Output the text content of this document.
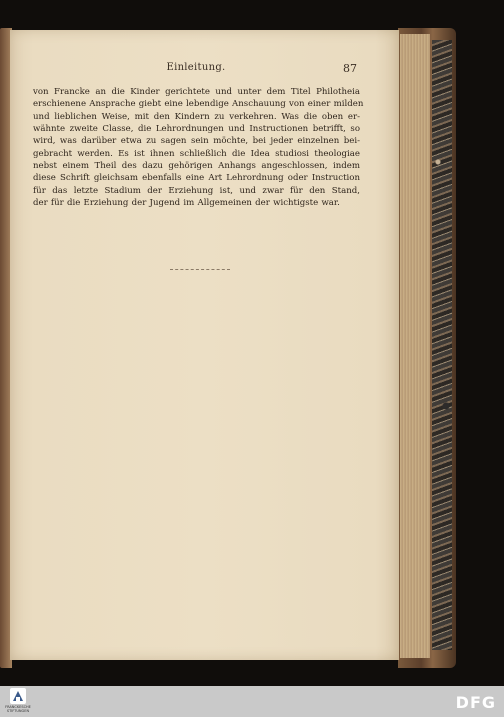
Einleitung.	87
von Francke an die Kinder gerichtete und unter dem Titel Philotheia
erschienene Ansprache giebt eine lebendige Anschauung von einer milden
und lieblichen Weise, mit den Kindern zu verkehren. Was die oben er-
wähnte zweite Classe, die Lehrordnungen und Instructionen betrifft, so
wird, was darüber etwa zu sagen sein möchte, bei jeder einzelnen bei-
gebracht werden. Es ist ihnen schließlich die Idea studiosi theologiae
nebst einem Theil des dazu gehörigen Anhangs angeschlossen, indem
diese Schrift gleichsam ebenfalls eine Art Lehrordnung oder Instruction
für das letzte Stadium der Erziehung ist, und zwar für den Stand,
der für die Erziehung der Jugend im Allgemeinen der wichtigste war.
FRANCKESCHE STIFTUNGEN	DFG
